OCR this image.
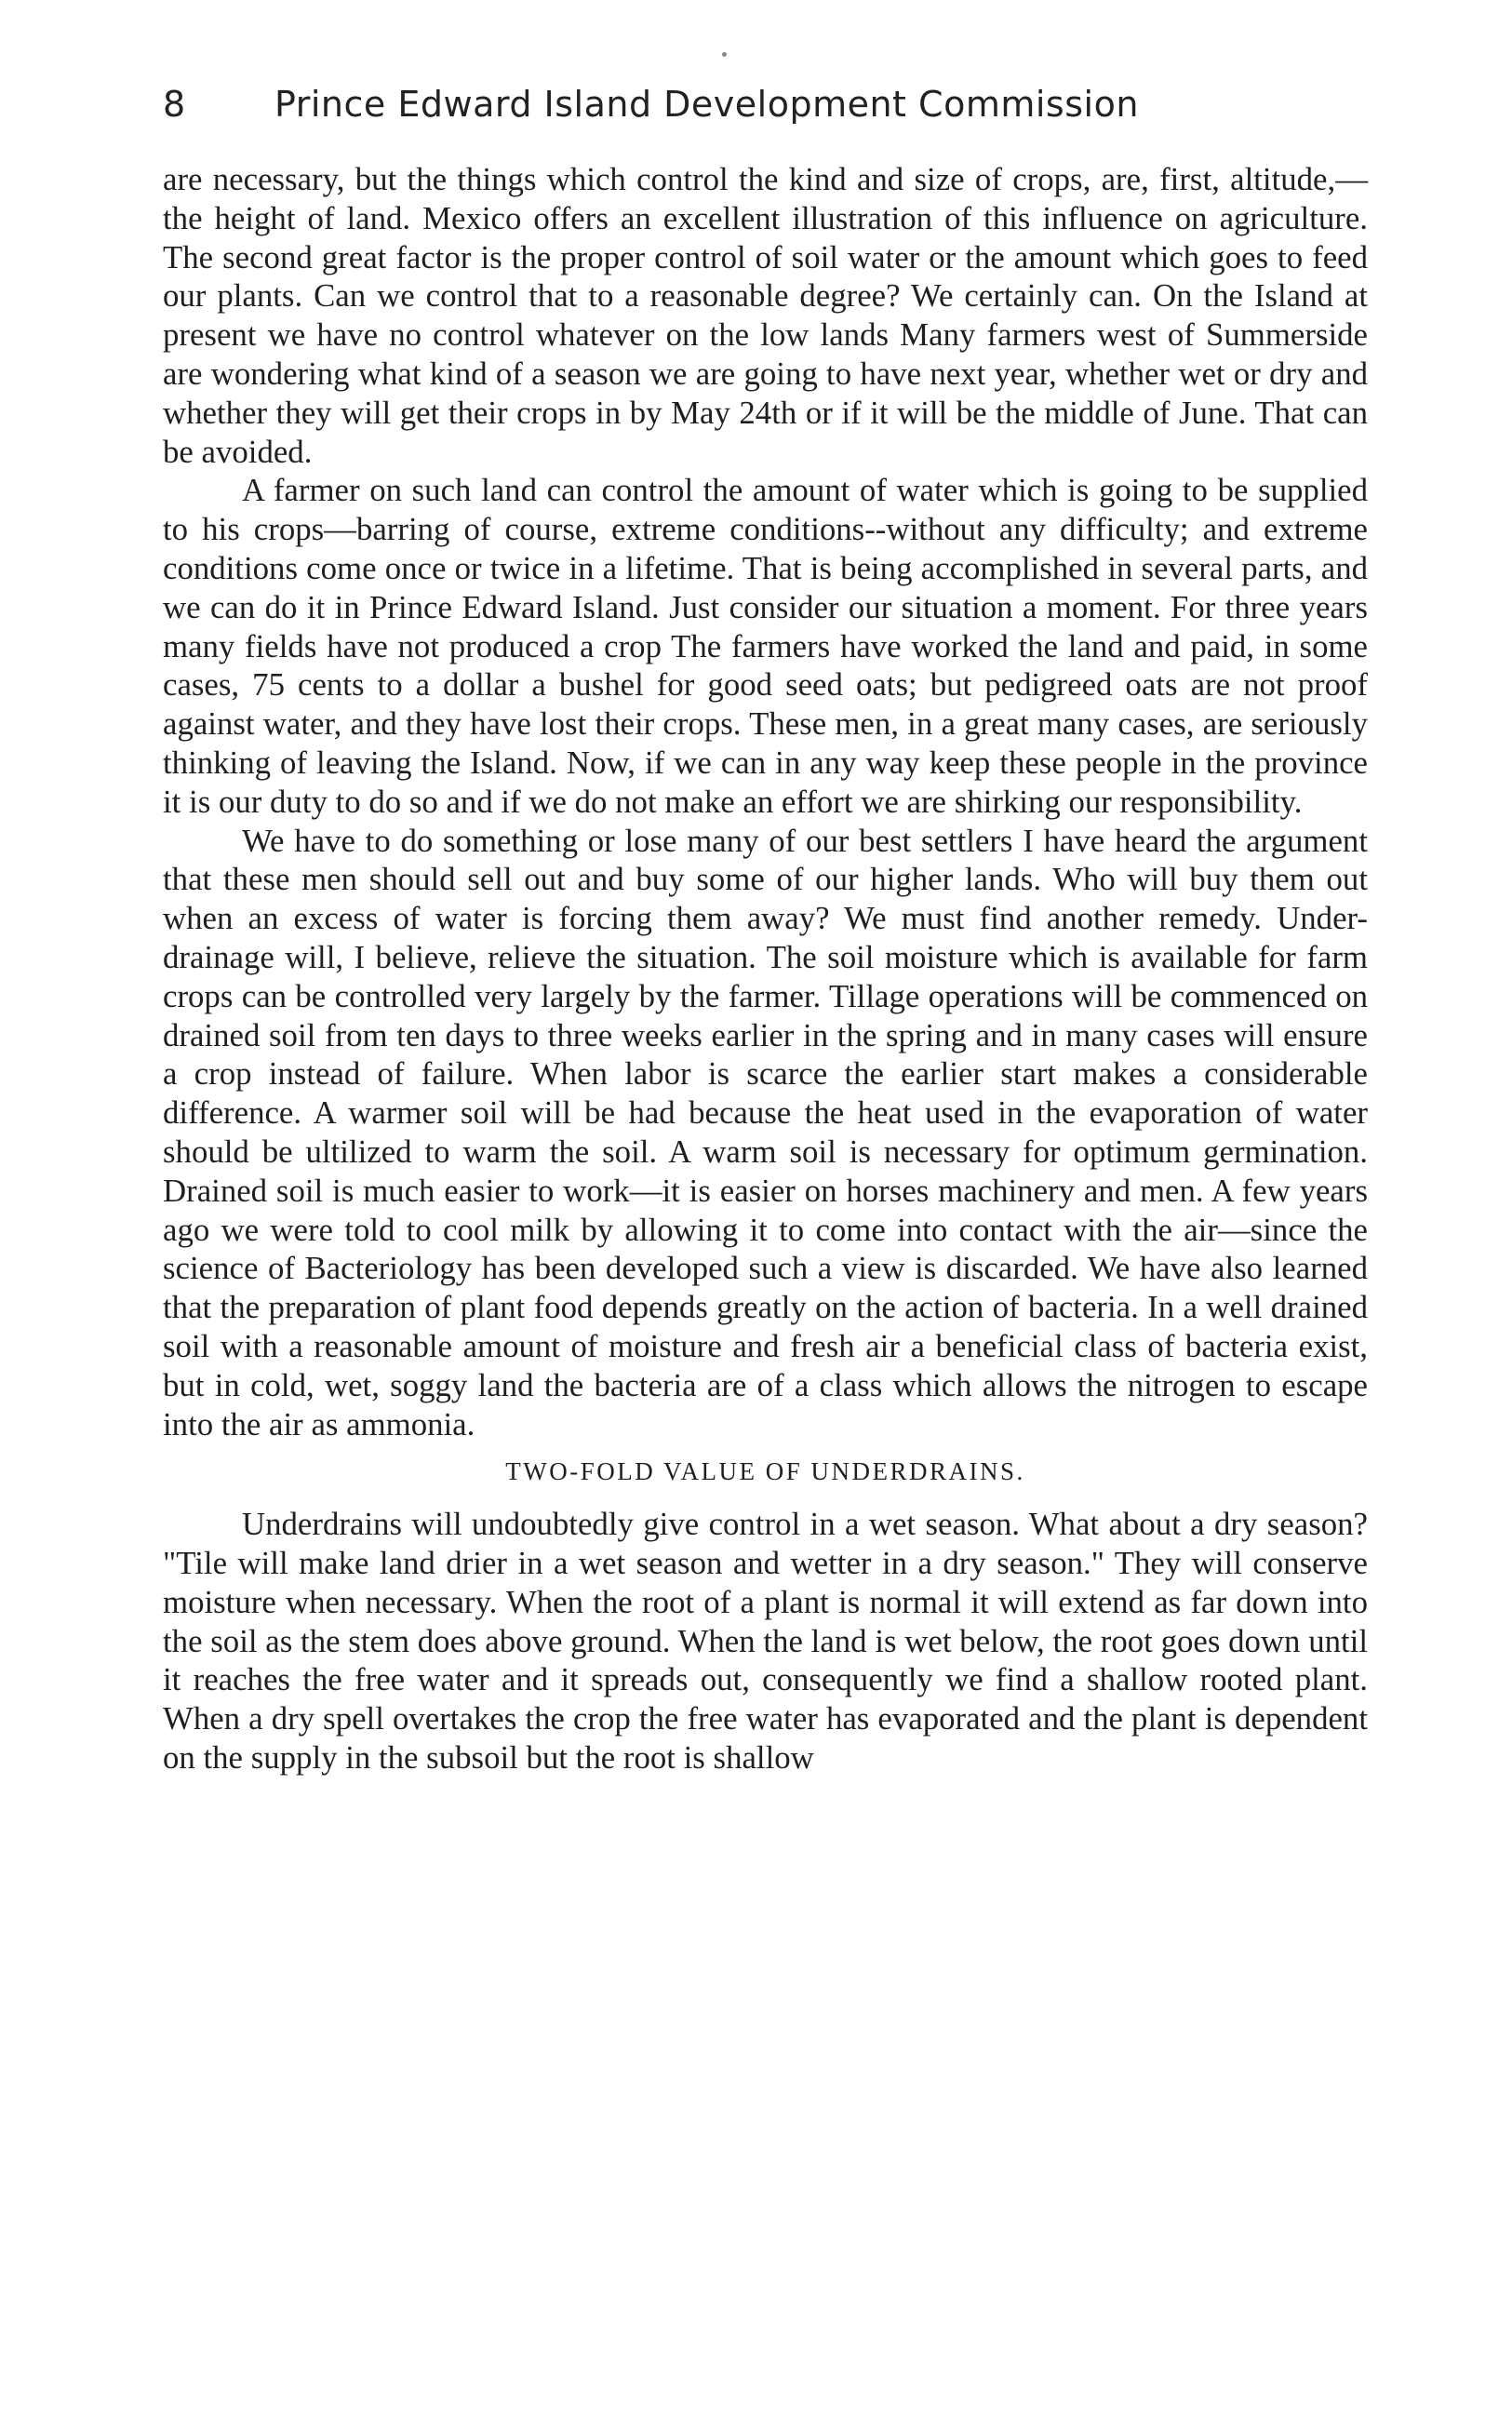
8	Prince Edward Island Development Commission

are necessary, but the things which control the kind and size of crops, are, first, altitude,—the height of land. Mexico offers an excellent illustration of this influence on agriculture. The second great factor is the proper control of soil water or the amount which goes to feed our plants. Can we control that to a reasonable degree? We certainly can. On the Island at present we have no control whatever on the low lands Many farmers west of Summerside are wondering what kind of a season we are going to have next year, whether wet or dry and whether they will get their crops in by May 24th or if it will be the middle of June. That can be avoided.

A farmer on such land can control the amount of water which is going to be supplied to his crops—barring of course, extreme conditions--without any difficulty; and extreme conditions come once or twice in a lifetime. That is being accomplished in several parts, and we can do it in Prince Edward Island. Just consider our situation a moment. For three years many fields have not produced a crop The farmers have worked the land and paid, in some cases, 75 cents to a dollar a bushel for good seed oats; but pedigreed oats are not proof against water, and they have lost their crops. These men, in a great many cases, are seriously thinking of leaving the Island. Now, if we can in any way keep these people in the province it is our duty to do so and if we do not make an effort we are shirking our responsibility.

We have to do something or lose many of our best settlers I have heard the argument that these men should sell out and buy some of our higher lands. Who will buy them out when an excess of water is forcing them away? We must find another remedy. Under-drainage will, I believe, relieve the situation. The soil moisture which is available for farm crops can be controlled very largely by the farmer. Tillage operations will be commenced on drained soil from ten days to three weeks earlier in the spring and in many cases will ensure a crop instead of failure. When labor is scarce the earlier start makes a considerable difference. A warmer soil will be had because the heat used in the evaporation of water should be ultilized to warm the soil. A warm soil is necessary for optimum germination. Drained soil is much easier to work—it is easier on horses machinery and men. A few years ago we were told to cool milk by allowing it to come into contact with the air—since the science of Bacteriology has been developed such a view is discarded. We have also learned that the preparation of plant food depends greatly on the action of bacteria. In a well drained soil with a reasonable amount of moisture and fresh air a beneficial class of bacteria exist, but in cold, wet, soggy land the bacteria are of a class which allows the nitrogen to escape into the air as ammonia.

TWO-FOLD VALUE OF UNDERDRAINS.

Underdrains will undoubtedly give control in a wet season. What about a dry season? "Tile will make land drier in a wet season and wetter in a dry season." They will conserve moisture when necessary. When the root of a plant is normal it will extend as far down into the soil as the stem does above ground. When the land is wet below, the root goes down until it reaches the free water and it spreads out, consequently we find a shallow rooted plant. When a dry spell overtakes the crop the free water has evaporated and the plant is dependent on the supply in the subsoil but the root is shallow
